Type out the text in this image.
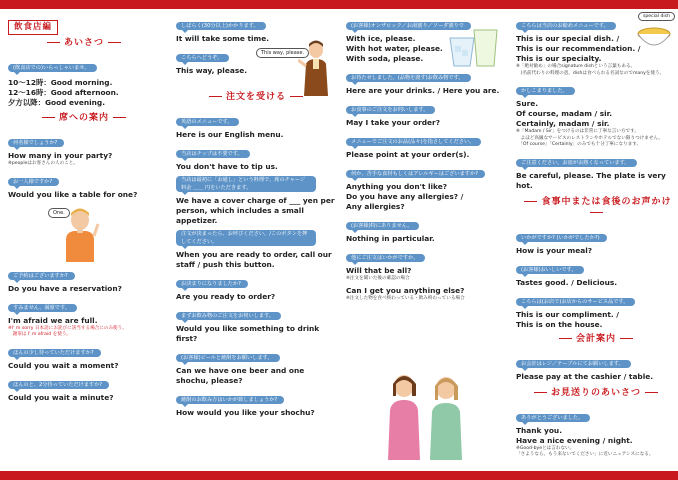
飲食店編
あいさつ
(飲食店での)いらっしゃいませ。
10〜12時：Good morning.
12〜16時：Good afternoon.
夕方以降：Good evening.
席への案内
何名様でしょうか?
How many in your party?
※peopleはお客さんの人のこと。
お一人様ですか?
Would you like a table for one?
One.
ご予約はございますか?
Do you have a reservation?
すみません、満席です。
I'm afraid we are full.
※I' m sorry 日本語にお詫びに該当する場合にのみ使う。
　謝罪は I' m afraid を使う。
ほんの少し待っていただけますか?
Could you wait a moment?
ほんのと、2分待っていただけますか?
Could you wait a minute?
しばらく(30分以上)かかります。
It will take some time.
こちらへどうぞ。
This way, please.
This way, please.
注文を受ける
英語のメニューです。
Here is our English menu.
当店はチップは不要です。
You don't have to tip us.
当店は最初に「お通し」という料理で、席のチャージ料金 ＿＿ 円をいただきます。
We have a cover charge of ___ yen per person, which includes a small appetizer.
注文が決まったら、お呼びください。/このボタンを押してください。
When you are ready to order, call our staff / push this button.
お決まりになりましたか?
Are you ready to order?
まずお飲み物のご注文をお伺いします。
Would you like something to drink first?
(お客様)ビールと焼酎をお願いします。
Can we have one beer and one shochu, please?
焼酎のお飲み方はいかが致しましょうか?
How would you like your shochu?
(お客様)オンザロック／お湯割り／ソーダ割りで
With ice, please.
With hot water, please.
With soda, please.
お待たせしました。(品物を渡す)お飲み物です。
Here are your drinks. / Here you are.
お食事のご注文をお伺いします。
May I take your order?
メニューでご注文のお品(品々)を指さしてください。
Please point at your order(s).
何か、苦手な食材もしくはアレルギーはございますか?
Anything you don't like?
Do you have any allergies? /
Any allergies?
(お客様)特にありません。
Nothing in particular.
他にご注文はいかがですか。
Will that be all?
※注文を聞いた後の確認の場合
Can I get you anything else?
※注文した物を食べ終わっている・飲み終わっている場合
こちらは当店のお勧めメニューです。
special dish
This is our special dish. /
This is our recommendation. /
This is our specialty.
※「絶対勧め」の場合signature dishという言葉もある。
　(名前代わりの料理の意。dishは食べられる名詞なのでmanyを使う。
かしこまりました。
Sure.
Of course, madam / sir.
Certainly, madam / sir.
※「Madam / Sir」をつけるのは非常に丁寧な言い方です。
　よほど高級なサービスのレストランやホテルでない限りつけません。
　「Of course」「Certainly」のみでも十分丁寧になります。
ご注意ください。お皿がお熱くなっています。
Be careful, please. The plate is very hot.
食事中または食後のお声かけ
いかがですか? (いかがでしたか?)
How is your meal?
(お客様)おいしいです。
Tastes good. / Delicious.
こちらは(お店で)お店からのサービス品です。
This is our compliment. /
This is on the house.
会計案内
お会計はレジ／テーブルにてお願いします。
Please pay at the cashier / table.
お見送りのあいさつ
ありがとうございました。
Thank you.
Have a nice evening / night.
※Good-byeとは言わない。
「さようなら、もう来ないでください」に近いニュアンスになる。
